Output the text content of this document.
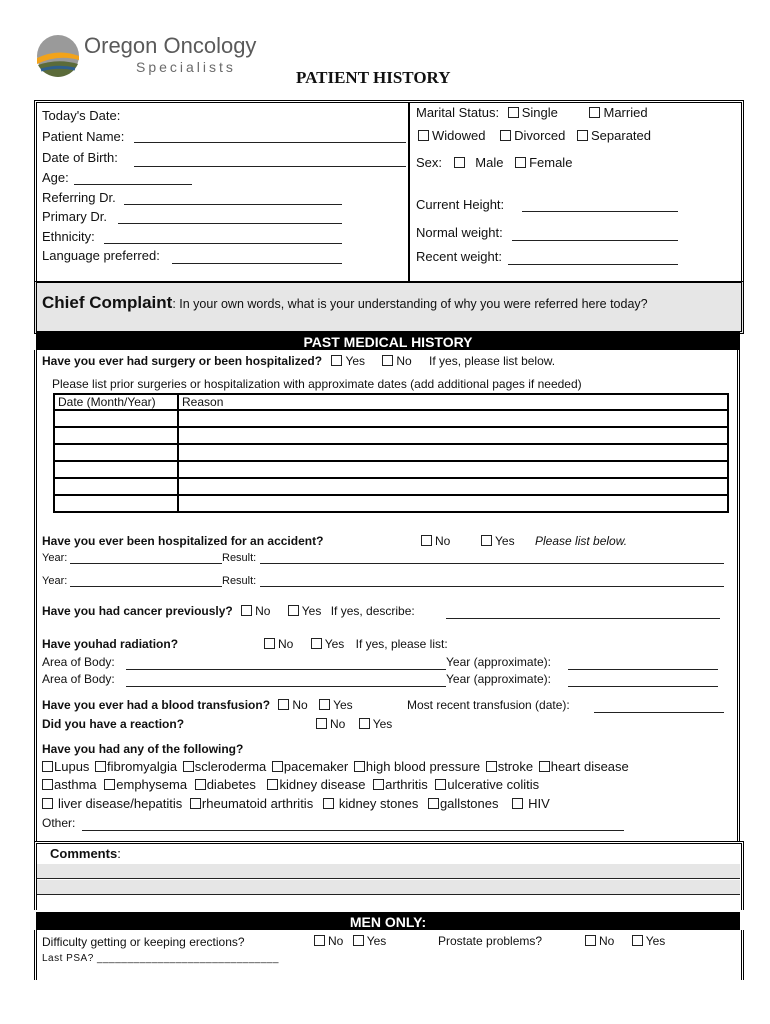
Oregon Oncology
Specialists
PATIENT HISTORY
Today's Date:
Patient Name:
Date of Birth:
Age:
Referring Dr.
Primary Dr.
Ethnicity:
Language preferred:
Marital Status: Single	Married
Widowed Divorced Separated
Sex:	Male Female
Current Height:
Normal weight:
Recent weight:
Chief Complaint: In your own words, what is your understanding of why you were referred here today?
PAST MEDICAL HISTORY
Have you ever had surgery or been hospitalized? Yes	No If yes, please list below.
Please list prior surgeries or hospitalization with approximate dates (add additional pages if needed)
Date (Month/Year)	Reason

Have you ever been hospitalized for an accident?	No	Yes Please list below.
Year:	Result:
Year:	Result:
Have you had cancer previously? No	Yes If yes, describe:
Have youhad radiation?	No	Yes If yes, please list:
Area of Body:	Year (approximate):
Area of Body:	Year (approximate):
Have you ever had a blood transfusion? No Yes	Most recent transfusion (date):
Did you have a reaction?	No Yes
Have you had any of the following?
Lupus fibromyalgia scleroderma pacemaker high blood pressure stroke heart disease
asthma emphysema diabetes kidney disease arthritis ulcerative colitis
liver disease/hepatitis rheumatoid arthritis kidney stones gallstones HIV
Other:
Comments:
MEN ONLY:
Difficulty getting or keeping erections?	No Yes	Prostate problems?	No	Yes
Last PSA? ______________________________
